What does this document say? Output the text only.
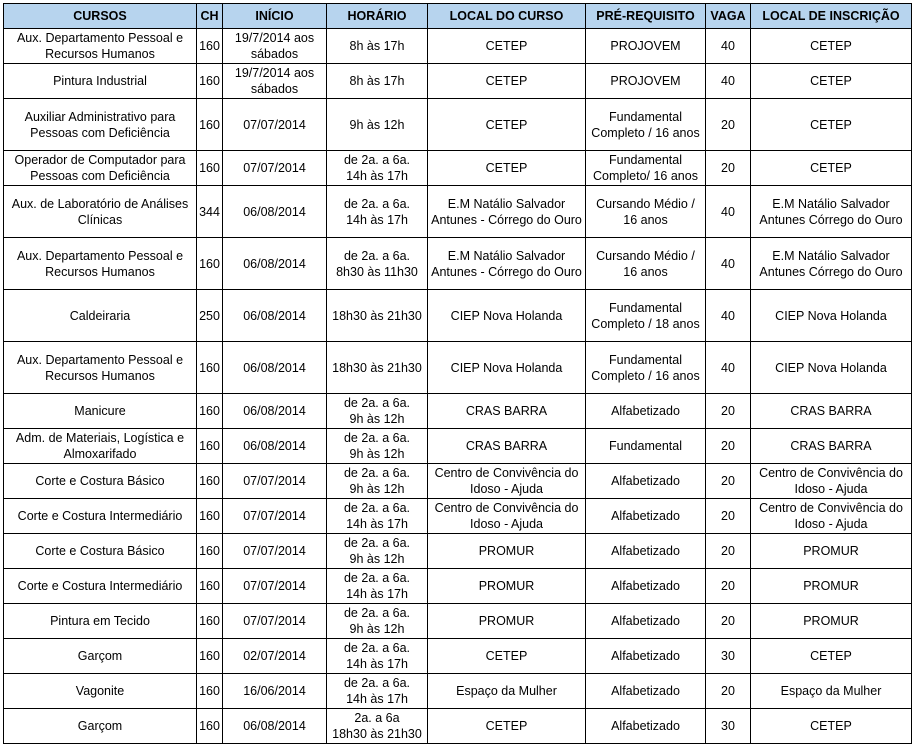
CURSOS	CH	INÍCIO	HORÁRIO	LOCAL DO CURSO	PRÉ-REQUISITO	VAGA	LOCAL DE INSCRIÇÃO

Aux. Departamento Pessoal e
Recursos Humanos	160	19/7/2014 aos
sábados	8h às 17h	CETEP	PROJOVEM	40	CETEP

Pintura Industrial	160	19/7/2014 aos
sábados	8h às 17h	CETEP	PROJOVEM	40	CETEP

Auxiliar Administrativo para
Pessoas com Deficiência	160	07/07/2014	9h às 12h	CETEP	Fundamental
Completo / 16 anos	20	CETEP

Operador de Computador para
Pessoas com Deficiência	160	07/07/2014	de 2a. a 6a.
14h às 17h	CETEP	Fundamental
Completo/ 16 anos	20	CETEP

Aux. de Laboratório de Análises
Clínicas	344	06/08/2014	de 2a. a 6a.
14h às 17h	E.M Natálio Salvador
Antunes - Córrego do Ouro	Cursando Médio /
16 anos	40	E.M Natálio Salvador
Antunes Córrego do Ouro

Aux. Departamento Pessoal e
Recursos Humanos	160	06/08/2014	de 2a. a 6a.
8h30 às 11h30	E.M Natálio Salvador
Antunes - Córrego do Ouro	Cursando Médio /
16 anos	40	E.M Natálio Salvador
Antunes Córrego do Ouro

Caldeiraria	250	06/08/2014	18h30 às 21h30	CIEP Nova Holanda	Fundamental
Completo / 18 anos	40	CIEP Nova Holanda

Aux. Departamento Pessoal e
Recursos Humanos	160	06/08/2014	18h30 às 21h30	CIEP Nova Holanda	Fundamental
Completo / 16 anos	40	CIEP Nova Holanda

Manicure	160	06/08/2014	de 2a. a 6a.
9h às 12h	CRAS BARRA	Alfabetizado	20	CRAS BARRA

Adm. de Materiais, Logística e
Almoxarifado	160	06/08/2014	de 2a. a 6a.
9h às 12h	CRAS BARRA	Fundamental	20	CRAS BARRA

Corte e Costura Básico	160	07/07/2014	de 2a. a 6a.
9h às 12h	Centro de Convivência do
Idoso - Ajuda	Alfabetizado	20	Centro de Convivência do
Idoso - Ajuda

Corte e Costura Intermediário	160	07/07/2014	de 2a. a 6a.
14h às 17h	Centro de Convivência do
Idoso - Ajuda	Alfabetizado	20	Centro de Convivência do
Idoso - Ajuda

Corte e Costura Básico	160	07/07/2014	de 2a. a 6a.
9h às 12h	PROMUR	Alfabetizado	20	PROMUR

Corte e Costura Intermediário	160	07/07/2014	de 2a. a 6a.
14h às 17h	PROMUR	Alfabetizado	20	PROMUR

Pintura em Tecido	160	07/07/2014	de 2a. a 6a.
9h às 12h	PROMUR	Alfabetizado	20	PROMUR

Garçom	160	02/07/2014	de 2a. a 6a.
14h às 17h	CETEP	Alfabetizado	30	CETEP

Vagonite	160	16/06/2014	de 2a. a 6a.
14h às 17h	Espaço da Mulher	Alfabetizado	20	Espaço da Mulher

Garçom	160	06/08/2014	2a. a 6a
18h30 às 21h30	CETEP	Alfabetizado	30	CETEP
